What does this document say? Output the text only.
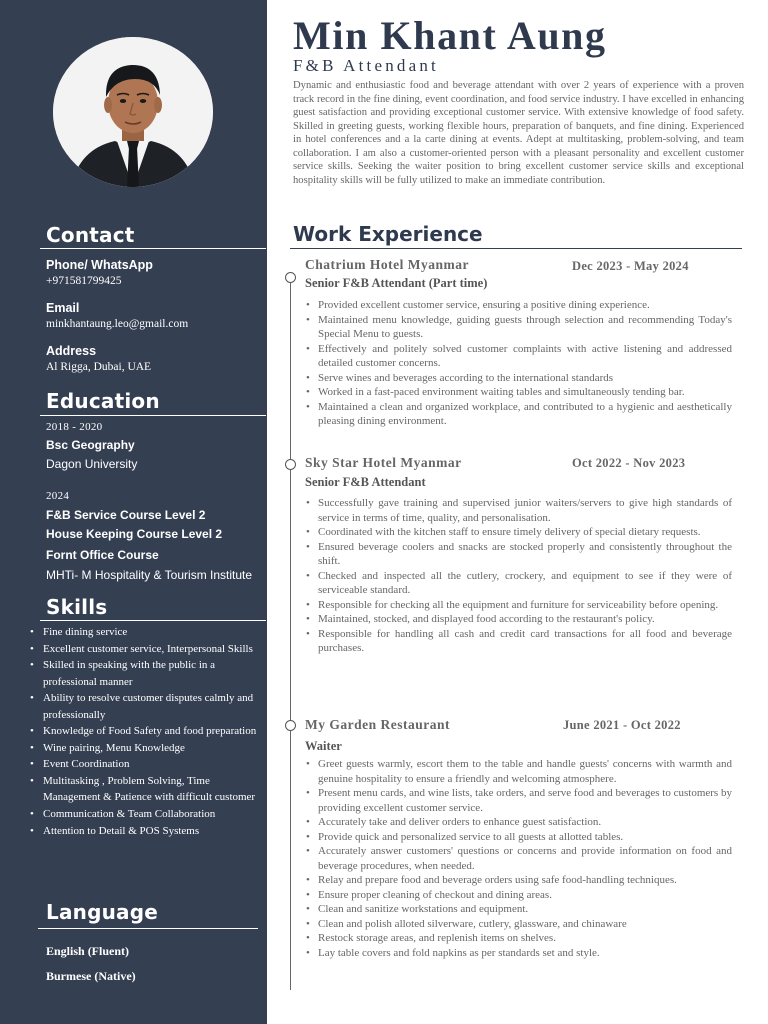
Contact
Phone/ WhatsApp
+971581799425
Email
minkhantaung.leo@gmail.com
Address
Al Rigga, Dubai, UAE
Education
2018 - 2020
Bsc Geography
Dagon University
2024
F&B Service Course Level 2
House Keeping Course Level 2
Fornt Office Course
MHTi- M Hospitality & Tourism Institute
Skills
• Fine dining service
• Excellent customer service, Interpersonal Skills
• Skilled in speaking with the public in a professional manner
• Ability to resolve customer disputes calmly and professionally
• Knowledge of Food Safety and food preparation
• Wine pairing, Menu Knowledge
• Event Coordination
• Multitasking , Problem Solving, Time Management & Patience with difficult customer
• Communication & Team Collaboration
• Attention to Detail & POS Systems
Language
English (Fluent)
Burmese (Native)
Min Khant Aung
F&B Attendant

Dynamic and enthusiastic food and beverage attendant with over 2 years of experience with a proven track record in the fine dining, event coordination, and food service industry. I have excelled in enhancing guest satisfaction and providing exceptional customer service. With extensive knowledge of food safety. Skilled in greeting guests, working flexible hours, preparation of banquets, and fine dining. Experienced in hotel conferences and a la carte dining at events. Adept at multitasking, problem-solving, and team collaboration. I am also a customer-oriented person with a pleasant personality and excellent customer service skills. Seeking the waiter position to bring excellent customer service skills and exceptional hospitality skills will be fully utilized to make an immediate contribution.

Work Experience
Chatrium Hotel Myanmar	Dec 2023 - May 2024
Senior F&B Attendant (Part time)
• Provided excellent customer service, ensuring a positive dining experience.
• Maintained menu knowledge, guiding guests through selection and recommending Today's Special Menu to guests.
• Effectively and politely solved customer complaints with active listening and addressed detailed customer concerns.
• Serve wines and beverages according to the international standards
• Worked in a fast-paced environment waiting tables and simultaneously tending bar.
• Maintained a clean and organized workplace, and contributed to a hygienic and aesthetically pleasing dining environment.
Sky Star Hotel Myanmar	Oct 2022 - Nov 2023
Senior F&B Attendant
• Successfully gave training and supervised junior waiters/servers to give high standards of service in terms of time, quality, and personalisation.
• Coordinated with the kitchen staff to ensure timely delivery of special dietary requests.
• Ensured beverage coolers and snacks are stocked properly and consistently throughout the shift.
• Checked and inspected all the cutlery, crockery, and equipment to see if they were of serviceable standard.
• Responsible for checking all the equipment and furniture for serviceability before opening.
• Maintained, stocked, and displayed food according to the restaurant's policy.
• Responsible for handling all cash and credit card transactions for all food and beverage purchases.
My Garden Restaurant	June 2021 - Oct 2022
Waiter
• Greet guests warmly, escort them to the table and handle guests' concerns with warmth and genuine hospitality to ensure a friendly and welcoming atmosphere.
• Present menu cards, and wine lists, take orders, and serve food and beverages to customers by providing excellent customer service.
• Accurately take and deliver orders to enhance guest satisfaction.
• Provide quick and personalized service to all guests at allotted tables.
• Accurately answer customers' questions or concerns and provide information on food and beverage procedures, when needed.
• Relay and prepare food and beverage orders using safe food-handling techniques.
• Ensure proper cleaning of checkout and dining areas.
• Clean and sanitize workstations and equipment.
• Clean and polish alloted silverware, cutlery, glassware, and chinaware
• Restock storage areas, and replenish items on shelves.
• Lay table covers and fold napkins as per standards set and style.
